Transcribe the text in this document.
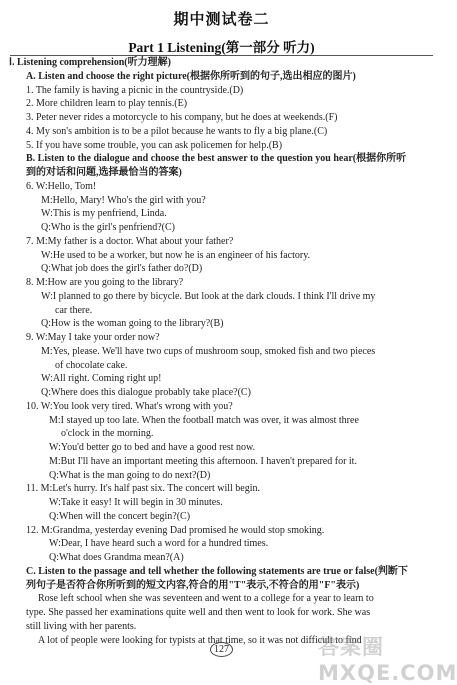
期中测试卷二
Part 1 Listening(第一部分 听力)
Ⅰ. Listening comprehension(听力理解)
A. Listen and choose the right picture(根据你所听到的句子,选出相应的图片)
1. The family is having a picnic in the countryside.(D)
2. More children learn to play tennis.(E)
3. Peter never rides a motorcycle to his company, but he does at weekends.(F)
4. My son's ambition is to be a pilot because he wants to fly a big plane.(C)
5. If you have some trouble, you can ask policemen for help.(B)
B. Listen to the dialogue and choose the best answer to the question you hear(根据你所听
到的对话和问题,选择最恰当的答案)
6. W:Hello, Tom!
M:Hello, Mary! Who's the girl with you?
W:This is my penfriend, Linda.
Q:Who is the girl's penfriend?(C)
7. M:My father is a doctor. What about your father?
W:He used to be a worker, but now he is an engineer of his factory.
Q:What job does the girl's father do?(D)
8. M:How are you going to the library?
W:I planned to go there by bicycle. But look at the dark clouds. I think I'll drive my
car there.
Q:How is the woman going to the library?(B)
9. W:May I take your order now?
M:Yes, please. We'll have two cups of mushroom soup, smoked fish and two pieces
of chocolate cake.
W:All right. Coming right up!
Q:Where does this dialogue probably take place?(C)
10. W:You look very tired. What's wrong with you?
M:I stayed up too late. When the football match was over, it was almost three
o'clock in the morning.
W:You'd better go to bed and have a good rest now.
M:But I'll have an important meeting this afternoon. I haven't prepared for it.
Q:What is the man going to do next?(D)
11. M:Let's hurry. It's half past six. The concert will begin.
W:Take it easy! It will begin in 30 minutes.
Q:When will the concert begin?(C)
12. M:Grandma, yesterday evening Dad promised he would stop smoking.
W:Dear, I have heard such a word for a hundred times.
Q:What does Grandma mean?(A)
C. Listen to the passage and tell whether the following statements are true or false(判断下
列句子是否符合你所听到的短文内容,符合的用"T"表示,不符合的用"F"表示)
Rose left school when she was seventeen and went to a college for a year to learn to
type. She passed her examinations quite well and then went to look for work. She was
still living with her parents.
A lot of people were looking for typists at that time, so it was not difficult to find
127	答案圈 MXQE.COM
